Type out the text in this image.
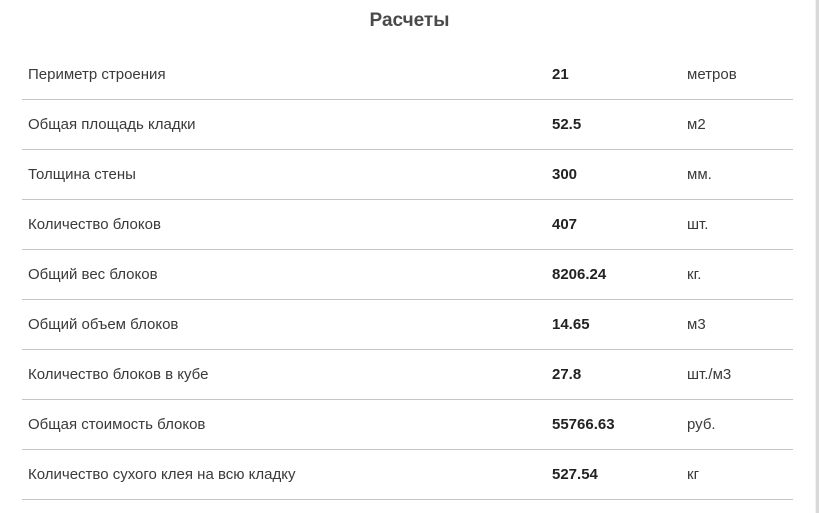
Расчеты
Периметр строения	21	метров
Общая площадь кладки	52.5	м2
Толщина стены	300	мм.
Количество блоков	407	шт.
Общий вес блоков	8206.24	кг.
Общий объем блоков	14.65	м3
Количество блоков в кубе	27.8	шт./м3
Общая стоимость блоков	55766.63	руб.
Количество сухого клея на всю кладку	527.54	кг
